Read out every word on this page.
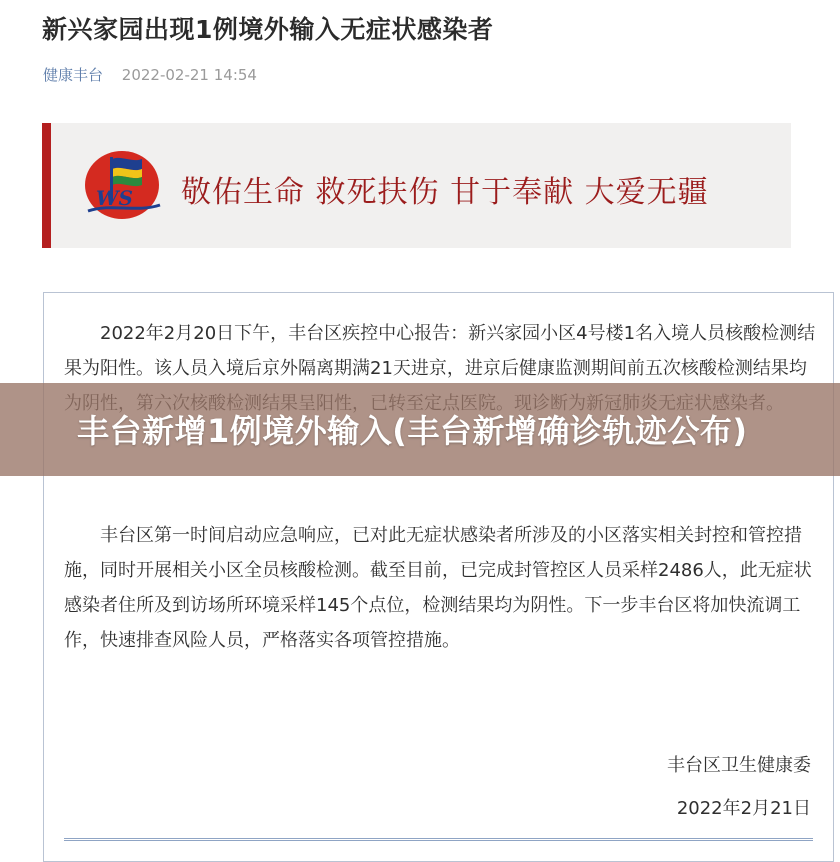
新兴家园出现1例境外输入无症状感染者
健康丰台 2022-02-21 14:54
WS 敬佑生命 救死扶伤 甘于奉献 大爱无疆

2022年2月20日下午，丰台区疾控中心报告：新兴家园小区4号楼1名入境人员核酸检测结果为阳性。该人员入境后京外隔离期满21天进京，进京后健康监测期间前五次核酸检测结果均

丰台区第一时间启动应急响应，已对此无症状感染者所涉及的小区落实相关封控和管控措施，同时开展相关小区全员核酸检测。截至目前，已完成封管控区人员采样2486人，此无症状感染者住所及到访场所环境采样145个点位，检测结果均为阴性。下一步丰台区将加快流调工作，快速排查风险人员，严格落实各项管控措施。

丰台区卫生健康委
2022年2月21日
丰台新增1例境外输入(丰台新增确诊轨迹公布)
